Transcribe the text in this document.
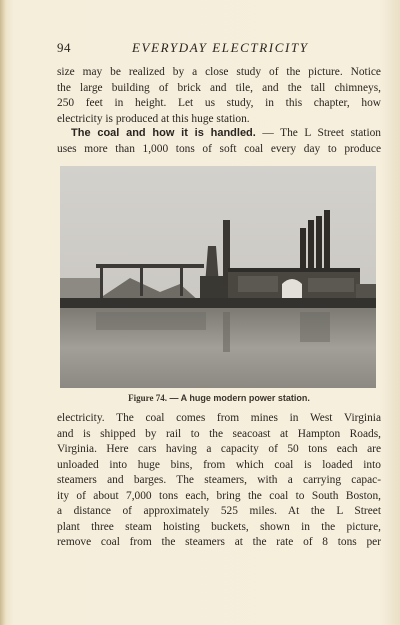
94	EVERYDAY ELECTRICITY
size may be realized by a close study of the picture. Notice
the large building of brick and tile, and the tall chimneys,
250 feet in height. Let us study, in this chapter, how
electricity is produced at this huge station.
The coal and how it is handled. — The L Street station
uses more than 1,000 tons of soft coal every day to produce
Figure 74. — A huge modern power station.
electricity. The coal comes from mines in West Virginia
and is shipped by rail to the seacoast at Hampton Roads,
Virginia. Here cars having a capacity of 50 tons each are
unloaded into huge bins, from which coal is loaded into
steamers and barges. The steamers, with a carrying capac-
ity of about 7,000 tons each, bring the coal to South Boston,
a distance of approximately 525 miles. At the L Street
plant three steam hoisting buckets, shown in the picture,
remove coal from the steamers at the rate of 8 tons per
